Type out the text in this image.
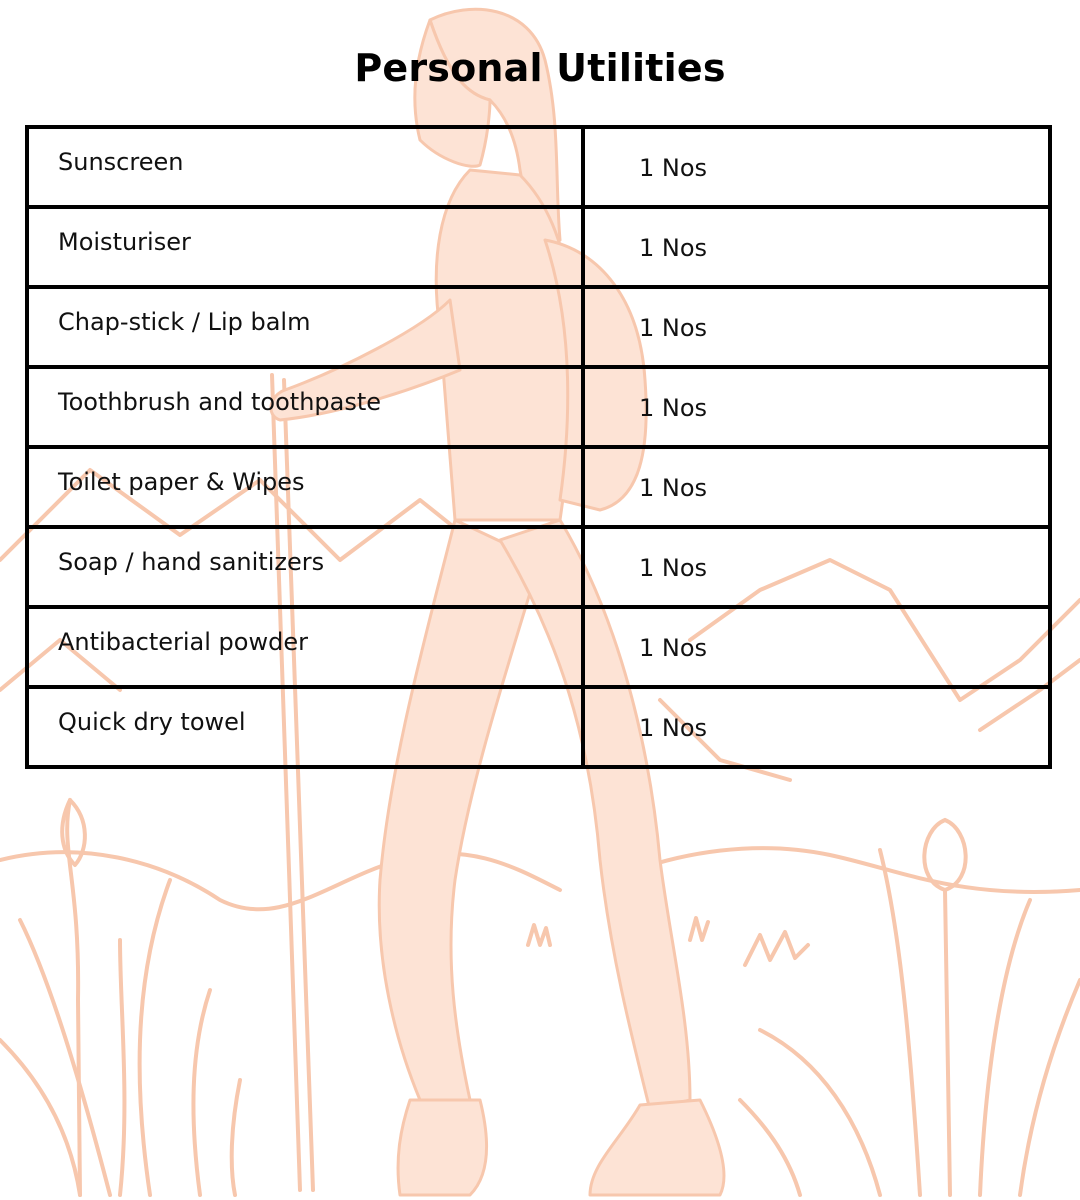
Personal Utilities
Sunscreen	1 Nos
Moisturiser	1 Nos
Chap-stick / Lip balm	1 Nos
Toothbrush and toothpaste	1 Nos
Toilet paper & Wipes	1 Nos
Soap / hand sanitizers	1 Nos
Antibacterial powder	1 Nos
Quick dry towel	1 Nos
